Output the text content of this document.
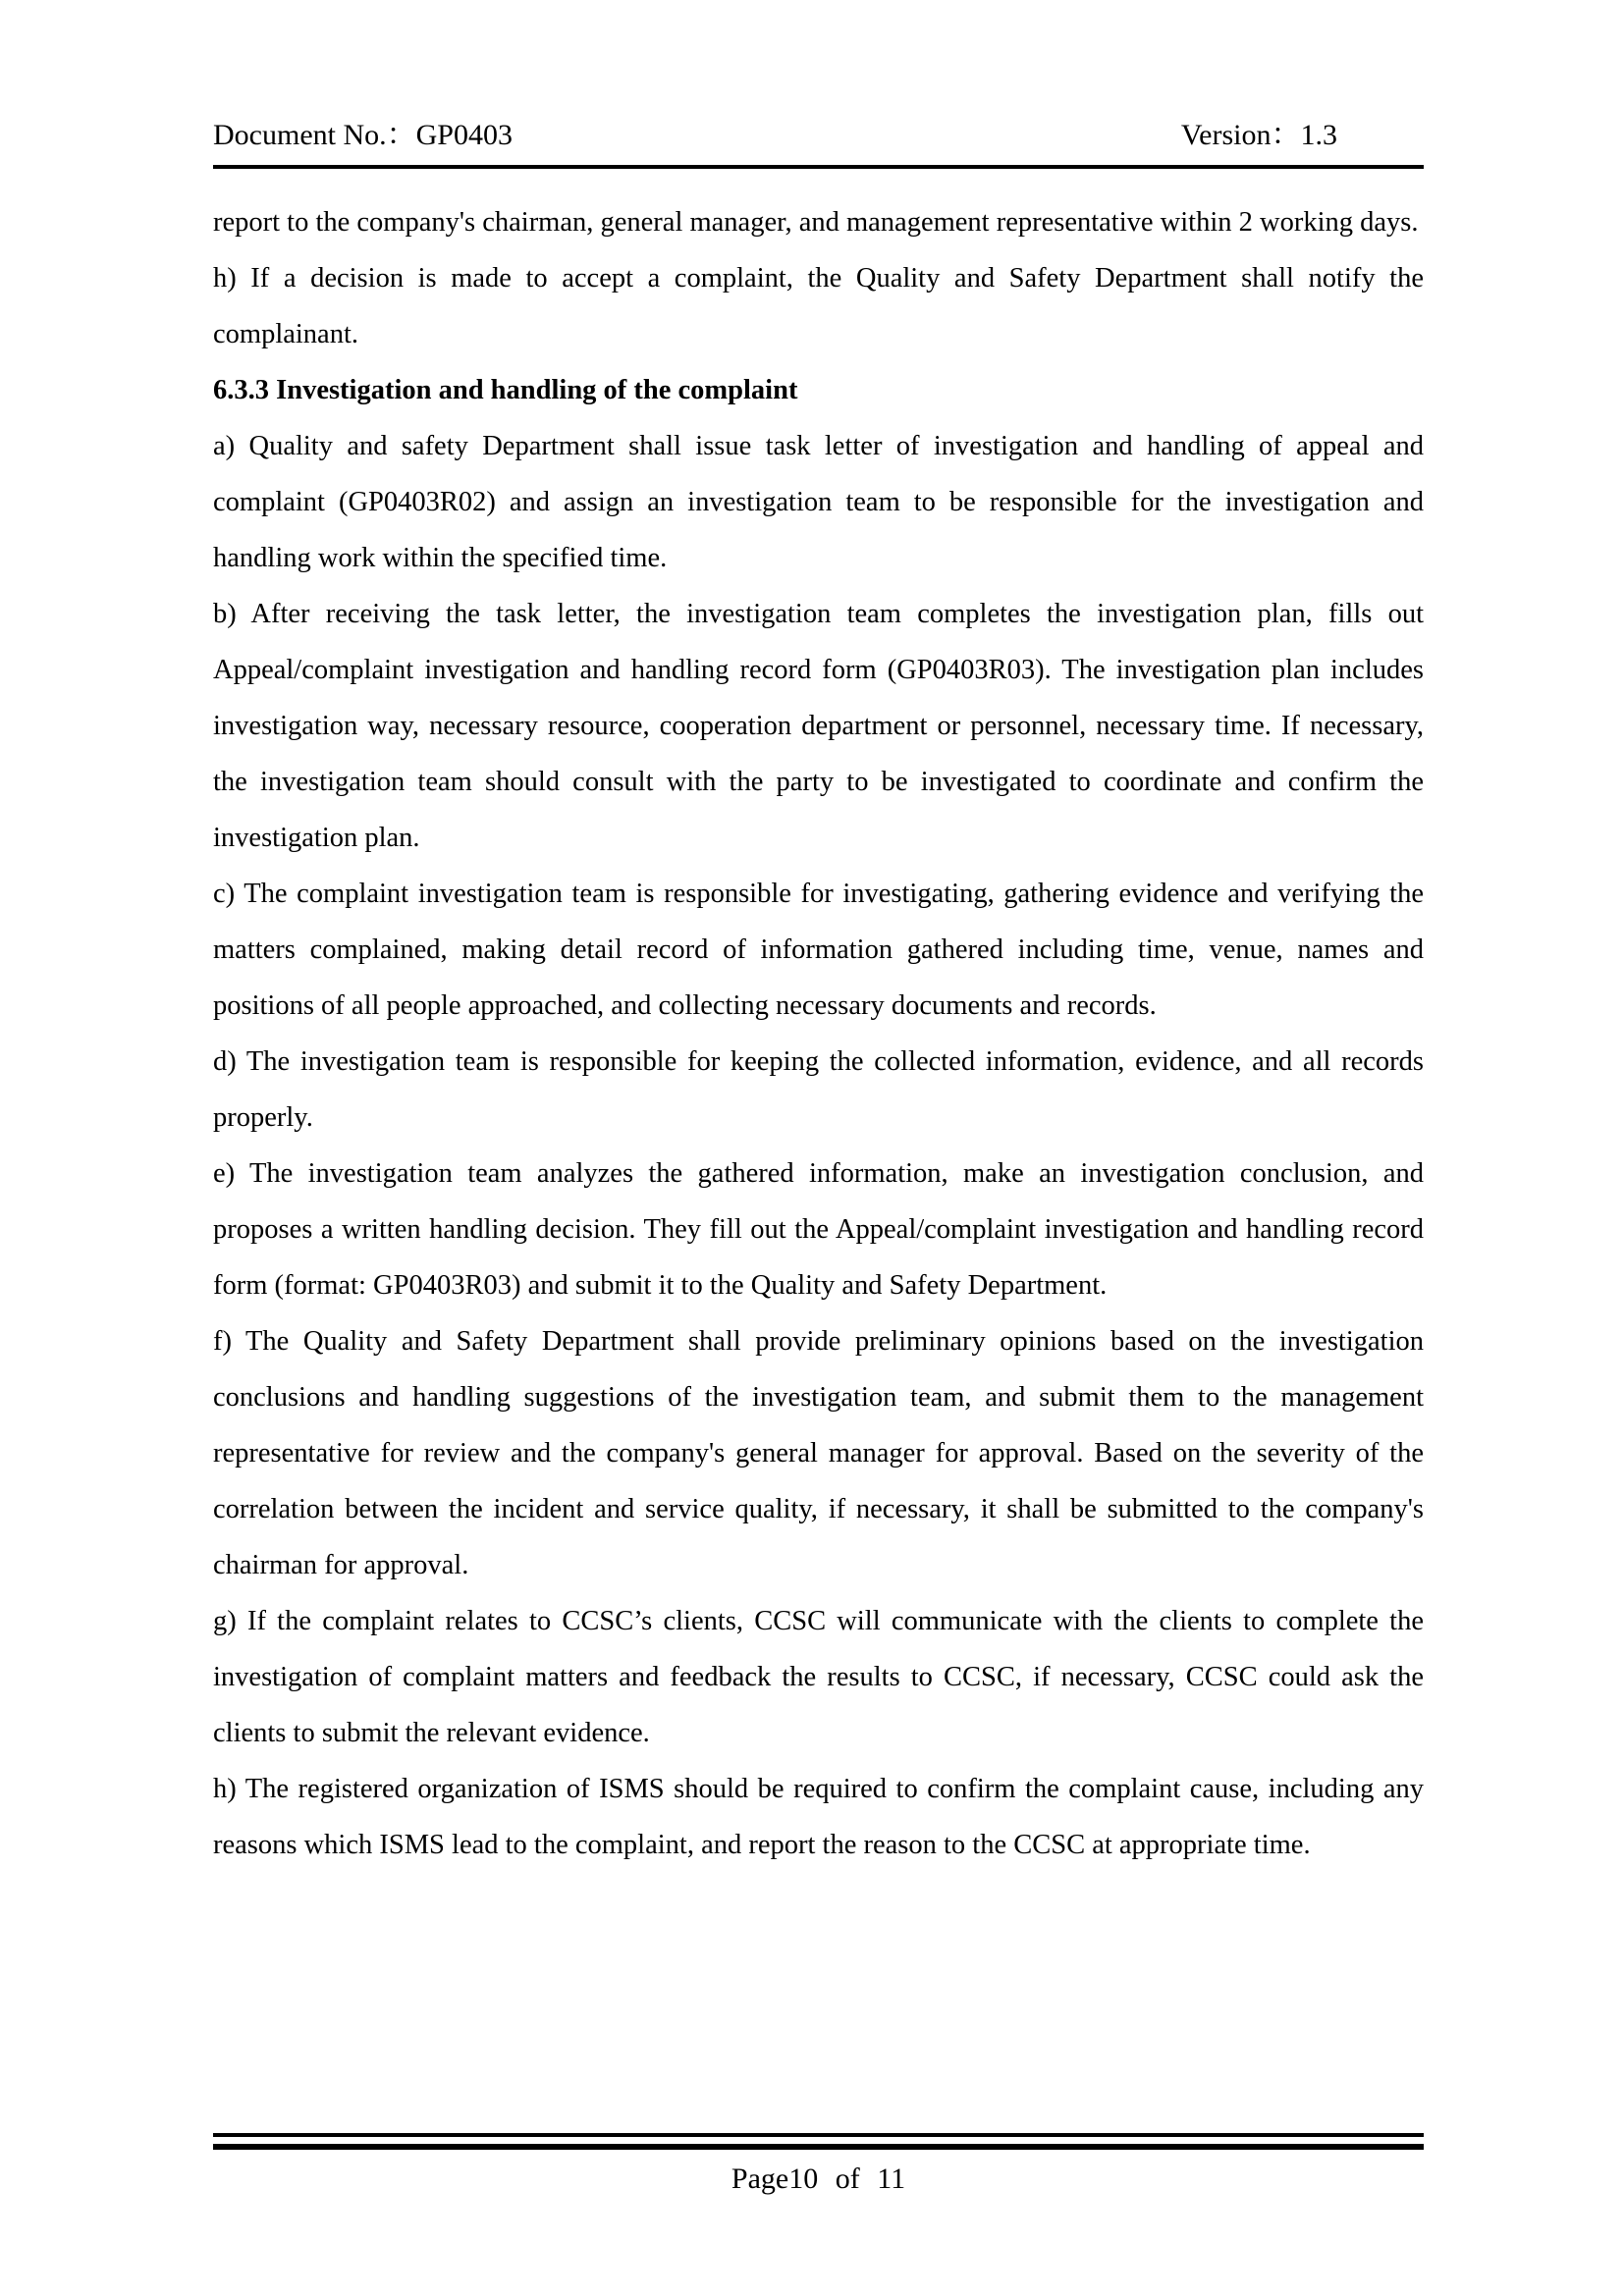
Document No.：GP0403	Version：1.3

report to the company's chairman, general manager, and management representative within 2 working days.

h) If a decision is made to accept a complaint, the Quality and Safety Department shall notify the complainant.

6.3.3 Investigation and handling of the complaint

a) Quality and safety Department shall issue task letter of investigation and handling of appeal and complaint (GP0403R02) and assign an investigation team to be responsible for the investigation and handling work within the specified time.

b) After receiving the task letter, the investigation team completes the investigation plan, fills out Appeal/complaint investigation and handling record form (GP0403R03). The investigation plan includes investigation way, necessary resource, cooperation department or personnel, necessary time. If necessary, the investigation team should consult with the party to be investigated to coordinate and confirm the investigation plan.

c) The complaint investigation team is responsible for investigating, gathering evidence and verifying the matters complained, making detail record of information gathered including time, venue, names and positions of all people approached, and collecting necessary documents and records.

d) The investigation team is responsible for keeping the collected information, evidence, and all records properly.

e) The investigation team analyzes the gathered information, make an investigation conclusion, and proposes a written handling decision. They fill out the Appeal/complaint investigation and handling record form (format: GP0403R03) and submit it to the Quality and Safety Department.

f) The Quality and Safety Department shall provide preliminary opinions based on the investigation conclusions and handling suggestions of the investigation team, and submit them to the management representative for review and the company's general manager for approval. Based on the severity of the correlation between the incident and service quality, if necessary, it shall be submitted to the company's chairman for approval.

g) If the complaint relates to CCSC’s clients, CCSC will communicate with the clients to complete the investigation of complaint matters and feedback the results to CCSC, if necessary, CCSC could ask the clients to submit the relevant evidence.

h) The registered organization of ISMS should be required to confirm the complaint cause, including any reasons which ISMS lead to the complaint, and report the reason to the CCSC at appropriate time.

Page10 of 11
